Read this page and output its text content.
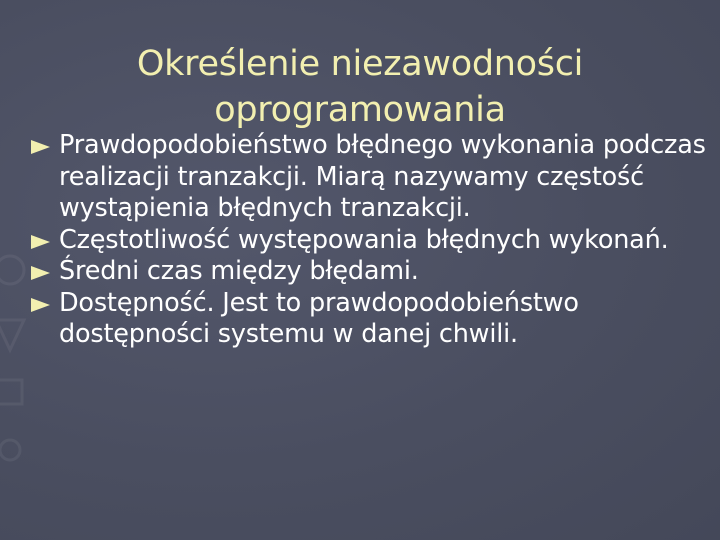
Określenie niezawodności
oprogramowania
Prawdopodobieństwo błędnego wykonania podczas realizacji tranzakcji. Miarą nazywamy częstość wystąpienia błędnych tranzakcji.
Częstotliwość występowania błędnych wykonań.
Średni czas między błędami.
Dostępność. Jest to prawdopodobieństwo dostępności systemu w danej chwili.
